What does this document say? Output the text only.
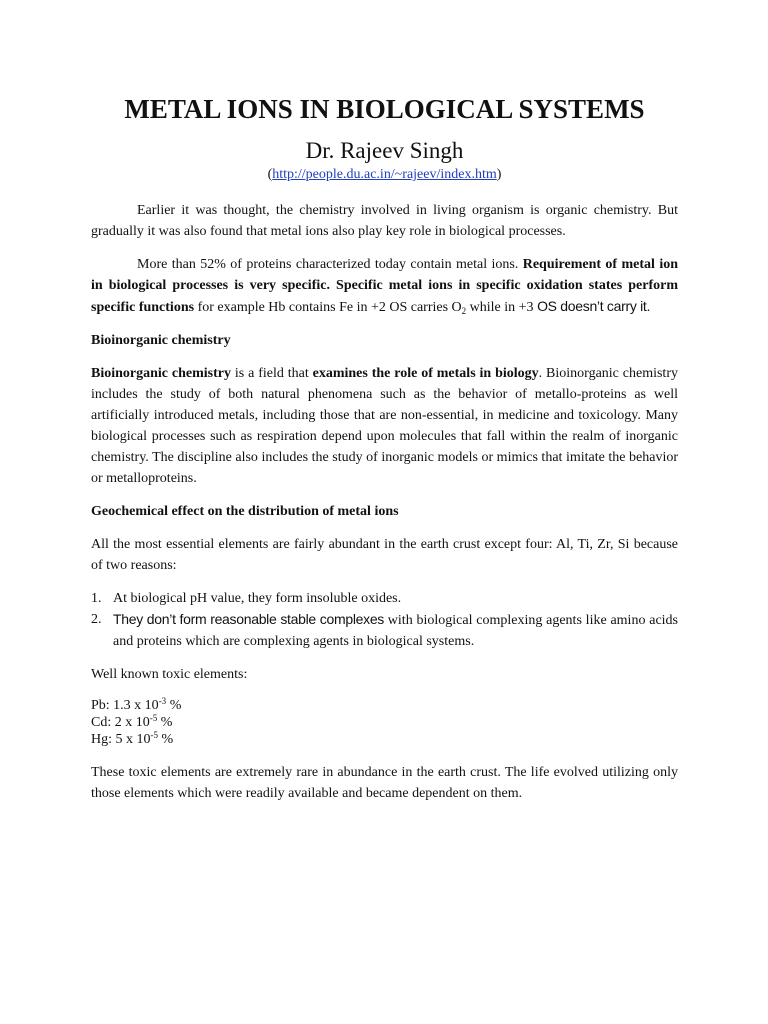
METAL IONS IN BIOLOGICAL SYSTEMS
Dr. Rajeev Singh
(http://people.du.ac.in/~rajeev/index.htm)

Earlier it was thought, the chemistry involved in living organism is organic chemistry. But gradually it was also found that metal ions also play key role in biological processes.

More than 52% of proteins characterized today contain metal ions. Requirement of metal ion in biological processes is very specific. Specific metal ions in specific oxidation states perform specific functions for example Hb contains Fe in +2 OS carries $O_2$ while in +3 OS doesn’t carry it.

Bioinorganic chemistry

Bioinorganic chemistry is a field that examines the role of metals in biology. Bioinorganic chemistry includes the study of both natural phenomena such as the behavior of metallo-proteins as well artificially introduced metals, including those that are non-essential, in medicine and toxicology. Many biological processes such as respiration depend upon molecules that fall within the realm of inorganic chemistry. The discipline also includes the study of inorganic models or mimics that imitate the behavior or metalloproteins.

Geochemical effect on the distribution of metal ions

All the most essential elements are fairly abundant in the earth crust except four: Al, Ti, Zr, Si because of two reasons:

1. At biological pH value, they form insoluble oxides.
2. They don’t form reasonable stable complexes with biological complexing agents like amino acids and proteins which are complexing agents in biological systems.

Well known toxic elements:

Pb: 1.3 x $10^{-3}$ %
Cd: 2 x $10^{-5}$ %
Hg: 5 x $10^{-5}$ %

These toxic elements are extremely rare in abundance in the earth crust. The life evolved utilizing only those elements which were readily available and became dependent on them.
